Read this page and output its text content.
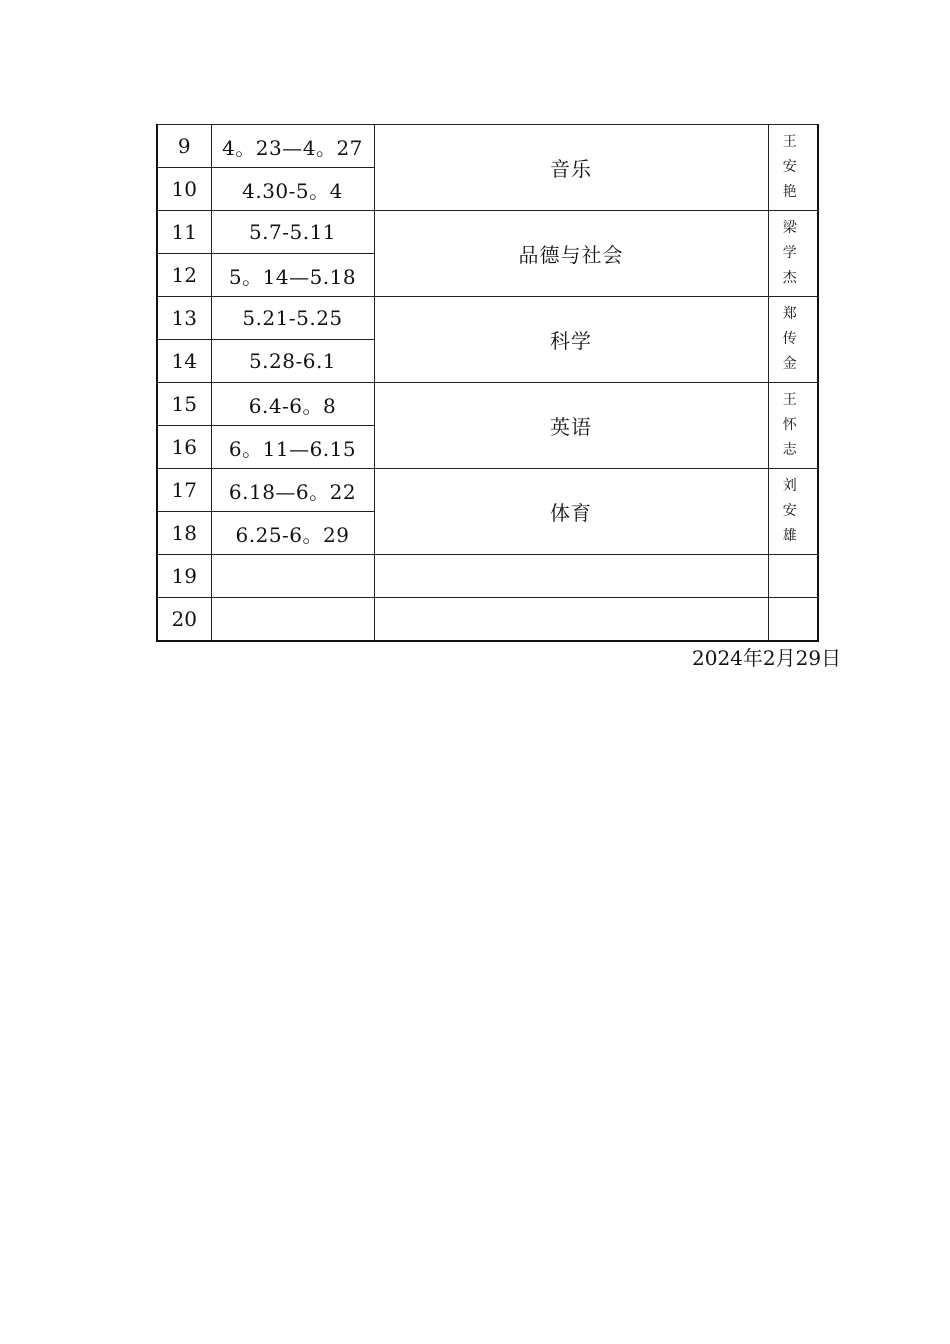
9	4。23—4。27	音乐	王安艳

10	4.30-5。4		
11	5.7-5.11	品德与社会	梁学杰

12	5。14—5.18		
13	5.21-5.25	科学	郑传金

14	5.28-6.1		
15	6.4-6。8	英语	王怀志

16	6。11—6.15		
17	6.18—6。22	体育	刘安雄

18	6.25-6。29		
19			

20			
2024年2月29日
